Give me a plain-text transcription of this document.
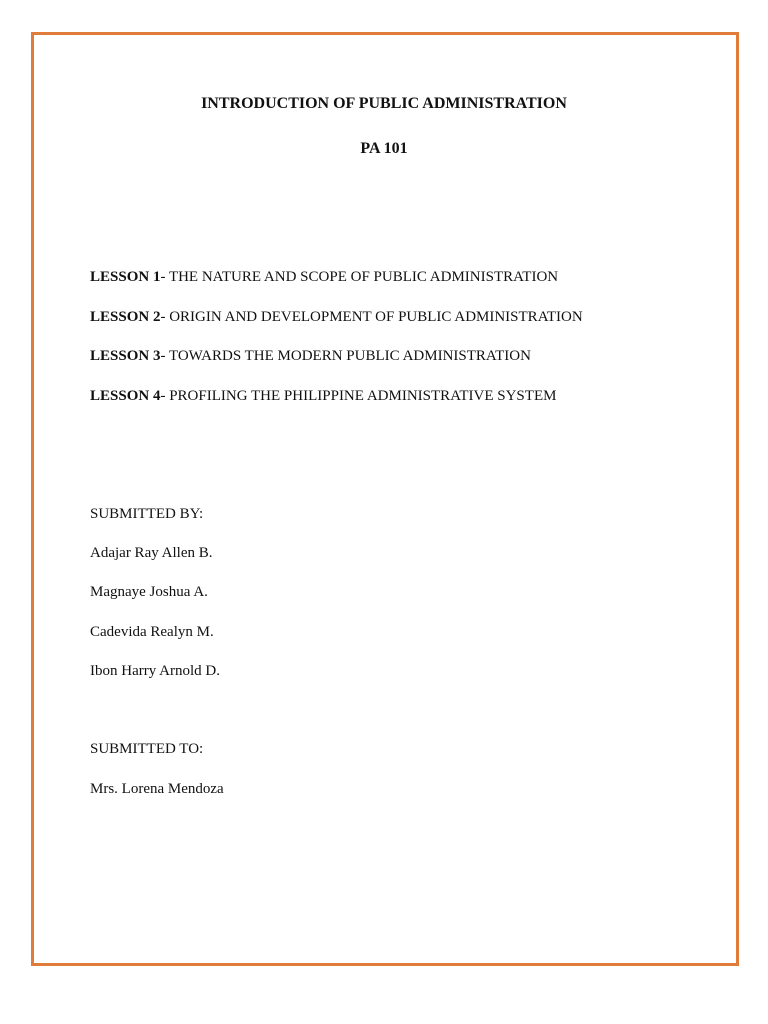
INTRODUCTION OF PUBLIC ADMINISTRATION
PA 101
LESSON 1- THE NATURE AND SCOPE OF PUBLIC ADMINISTRATION
LESSON 2- ORIGIN AND DEVELOPMENT OF PUBLIC ADMINISTRATION
LESSON 3- TOWARDS THE MODERN PUBLIC ADMINISTRATION
LESSON 4- PROFILING THE PHILIPPINE ADMINISTRATIVE SYSTEM
SUBMITTED BY:
Adajar Ray Allen B.
Magnaye Joshua A.
Cadevida Realyn M.
Ibon Harry Arnold D.
SUBMITTED TO:
Mrs. Lorena Mendoza
